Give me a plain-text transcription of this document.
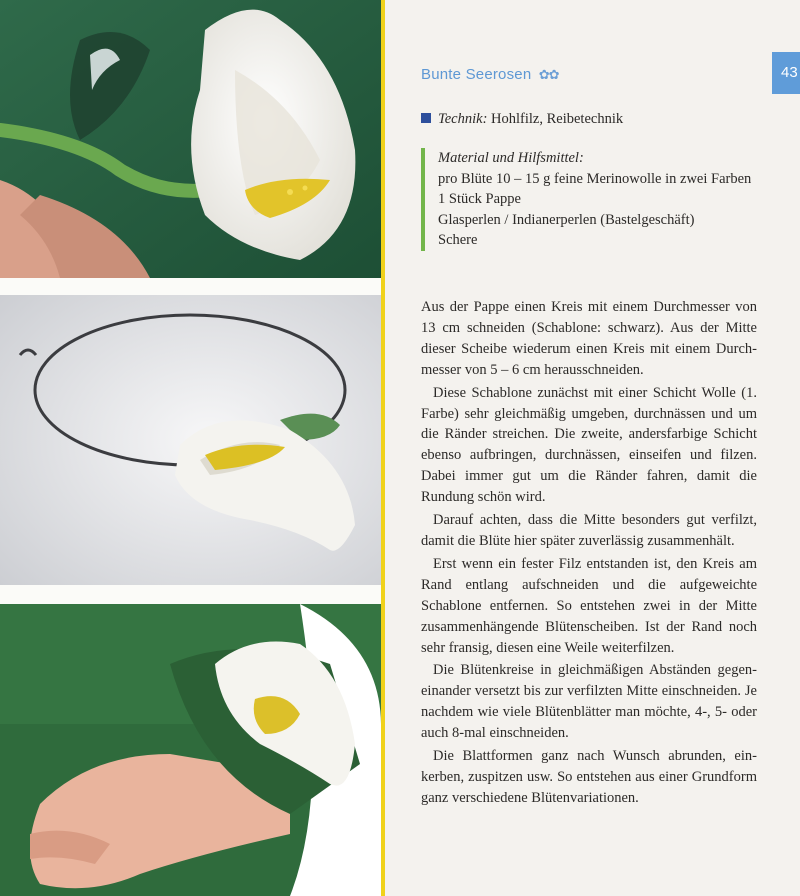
43
Bunte Seerosen ✿✿
Technik: Hohlfilz, Reibetechnik
Material und Hilfsmittel:
pro Blüte 10 – 15 g feine Merinowolle in zwei Farben
1 Stück Pappe
Glasperlen / Indianerperlen (Bastelgeschäft)
Schere

Aus der Pappe einen Kreis mit einem Durchmesser von 13 cm schneiden (Schablone: schwarz). Aus der Mitte dieser Scheibe wiederum einen Kreis mit einem Durchmesser von 5 – 6 cm herausschneiden.

Diese Schablone zunächst mit einer Schicht Wolle (1. Farbe) sehr gleichmäßig umgeben, durchnässen und um die Ränder streichen. Die zweite, andersfarbige Schicht ebenso aufbringen, durchnässen, einseifen und filzen. Dabei immer gut um die Ränder fahren, damit die Rundung schön wird.

Darauf achten, dass die Mitte besonders gut verfilzt, damit die Blüte hier später zuverlässig zusammenhält.

Erst wenn ein fester Filz entstanden ist, den Kreis am Rand entlang aufschneiden und die aufgeweichte Schablone entfernen. So entstehen zwei in der Mitte zusammenhängende Blütenscheiben. Ist der Rand noch sehr fransig, diesen eine Weile weiterfilzen.

Die Blütenkreise in gleichmäßigen Abständen gegeneinander versetzt bis zur verfilzten Mitte einschneiden. Je nachdem wie viele Blütenblätter man möchte, 4-, 5- oder auch 8-mal einschneiden.

Die Blattformen ganz nach Wunsch abrunden, einkerben, zuspitzen usw. So entstehen aus einer Grundform ganz verschiedene Blütenvariationen.
